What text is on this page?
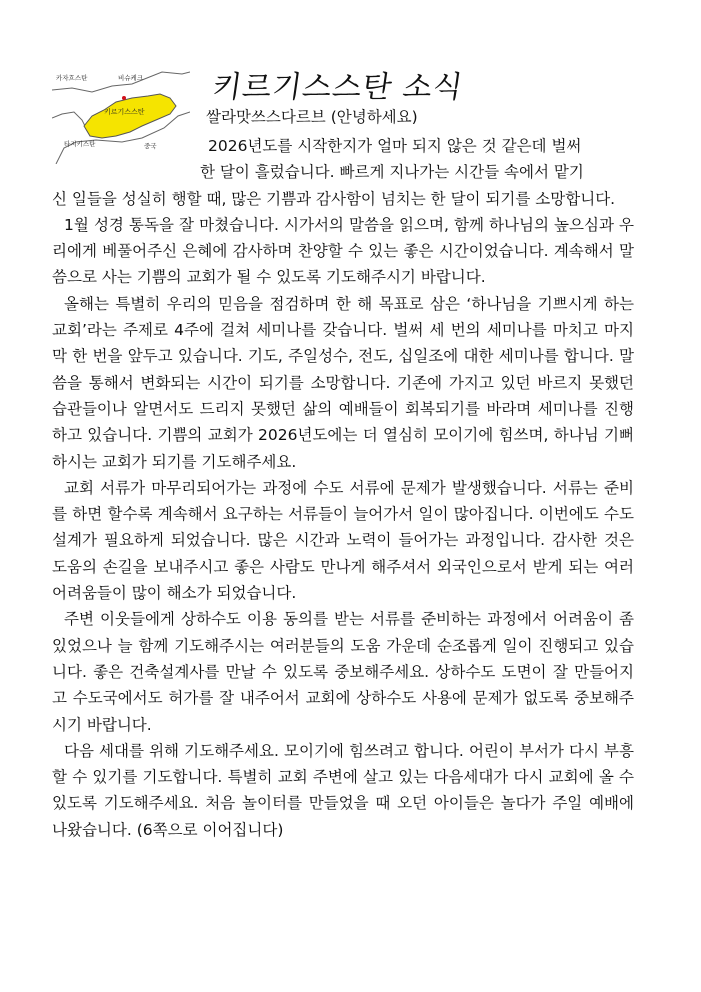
카자흐스탄	비슈케크
키르기스스탄
타지키스탄	중국
키르기스스탄 소식
쌀라맛쓰스다르브 (안녕하세요)
2026년도를 시작한지가 얼마 되지 않은 것 같은데 벌써
한 달이 흘렀습니다. 빠르게 지나가는 시간들 속에서 맡기
신 일들을 성실히 행할 때, 많은 기쁨과 감사함이 넘치는 한 달이 되기를 소망합니다.

1월 성경 통독을 잘 마쳤습니다. 시가서의 말씀을 읽으며, 함께 하나님의 높으심과 우리에게 베풀어주신 은혜에 감사하며 찬양할 수 있는 좋은 시간이었습니다. 계속해서 말씀으로 사는 기쁨의 교회가 될 수 있도록 기도해주시기 바랍니다.

올해는 특별히 우리의 믿음을 점검하며 한 해 목표로 삼은 ‘하나님을 기쁘시게 하는 교회’라는 주제로 4주에 걸쳐 세미나를 갖습니다. 벌써 세 번의 세미나를 마치고 마지막 한 번을 앞두고 있습니다. 기도, 주일성수, 전도, 십일조에 대한 세미나를 합니다. 말씀을 통해서 변화되는 시간이 되기를 소망합니다. 기존에 가지고 있던 바르지 못했던 습관들이나 알면서도 드리지 못했던 삶의 예배들이 회복되기를 바라며 세미나를 진행하고 있습니다. 기쁨의 교회가 2026년도에는 더 열심히 모이기에 힘쓰며, 하나님 기뻐하시는 교회가 되기를 기도해주세요.

교회 서류가 마무리되어가는 과정에 수도 서류에 문제가 발생했습니다. 서류는 준비를 하면 할수록 계속해서 요구하는 서류들이 늘어가서 일이 많아집니다. 이번에도 수도 설계가 필요하게 되었습니다. 많은 시간과 노력이 들어가는 과정입니다. 감사한 것은 도움의 손길을 보내주시고 좋은 사람도 만나게 해주셔서 외국인으로서 받게 되는 여러 어려움들이 많이 해소가 되었습니다.

주변 이웃들에게 상하수도 이용 동의를 받는 서류를 준비하는 과정에서 어려움이 좀 있었으나 늘 함께 기도해주시는 여러분들의 도움 가운데 순조롭게 일이 진행되고 있습니다. 좋은 건축설계사를 만날 수 있도록 중보해주세요. 상하수도 도면이 잘 만들어지고 수도국에서도 허가를 잘 내주어서 교회에 상하수도 사용에 문제가 없도록 중보해주시기 바랍니다.

다음 세대를 위해 기도해주세요. 모이기에 힘쓰려고 합니다. 어린이 부서가 다시 부흥할 수 있기를 기도합니다. 특별히 교회 주변에 살고 있는 다음세대가 다시 교회에 올 수 있도록 기도해주세요. 처음 놀이터를 만들었을 때 오던 아이들은 놀다가 주일 예배에 나왔습니다. (6쪽으로 이어집니다)
